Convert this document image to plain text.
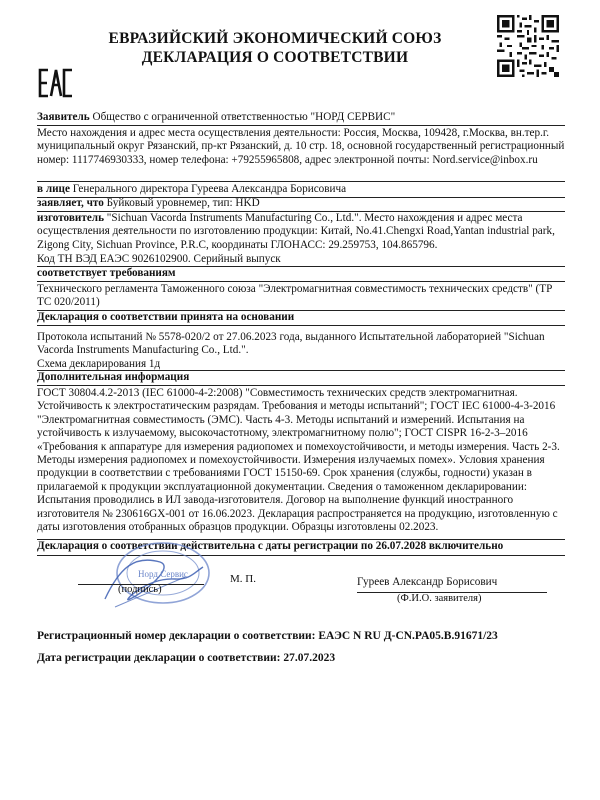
ЕВРАЗИЙСКИЙ ЭКОНОМИЧЕСКИЙ СОЮЗ
ДЕКЛАРАЦИЯ О СООТВЕТСТВИИ
Заявитель Общество с ограниченной ответственностью "НОРД СЕРВИС"
Место нахождения и адрес места осуществления деятельности: Россия, Москва, 109428, г.Москва, вн.тер.г. муниципальный округ Рязанский, пр-кт Рязанский, д. 10 стр. 18, основной государственный регистрационный номер: 1117746930333, номер телефона: +79255965808, адрес электронной почты: Nord.service@inbox.ru
в лице Генерального директора Гуреева Александра Борисовича
заявляет, что Буйковый уровнемер, тип: HKD
изготовитель "Sichuan Vacorda Instruments Manufacturing Co., Ltd.". Место нахождения и адрес места осуществления деятельности по изготовлению продукции: Китай, No.41.Chengxi Road,Yantan industrial park, Zigong City, Sichuan Province, P.R.C, координаты ГЛОНАСС: 29.259753, 104.865796.
Код ТН ВЭД ЕАЭС 9026102900. Серийный выпуск
соответствует требованиям
Технического регламента Таможенного союза "Электромагнитная совместимость технических средств" (ТР ТС 020/2011)
Декларация о соответствии принята на основании
Протокола испытаний № 5578-020/2 от 27.06.2023 года, выданного Испытательной лабораторией "Sichuan Vacorda Instruments Manufacturing Co., Ltd.".
Схема декларирования 1д
Дополнительная информация
ГОСТ 30804.4.2-2013 (IEC 61000-4-2:2008) "Совместимость технических средств электромагнитная. Устойчивость к электростатическим разрядам. Требования и методы испытаний"; ГОСТ IEC 61000-4-3-2016 "Электромагнитная совместимость (ЭМС). Часть 4-3. Методы испытаний и измерений. Испытания на устойчивость к излучаемому, высокочастотному, электромагнитному полю"; ГОСТ CISPR 16-2-3–2016 «Требования к аппаратуре для измерения радиопомех и помехоустойчивости, и методы измерения. Часть 2-3. Методы измерения радиопомех и помехоустойчивости. Измерения излучаемых помех». Условия хранения продукции в соответствии с требованиями ГОСТ 15150-69. Срок хранения (службы, годности) указан в прилагаемой к продукции эксплуатационной документации. Сведения о таможенном декларировании: Испытания проводились в ИЛ завода-изготовителя. Договор на выполнение функций иностранного изготовителя № 230616GX-001 от 16.06.2023. Декларация распространяется на продукцию, изготовленную с даты изготовления отобранных образцов продукции. Образцы изготовлены 02.2023.
Декларация о соответствии действительна с даты регистрации по 26.07.2028 включительно
Норд Сервис
(подпись)
М. П.	Гуреев Александр Борисович
(Ф.И.О. заявителя)
Регистрационный номер декларации о соответствии: ЕАЭС N RU Д-CN.PA05.B.91671/23
Дата регистрации декларации о соответствии: 27.07.2023
